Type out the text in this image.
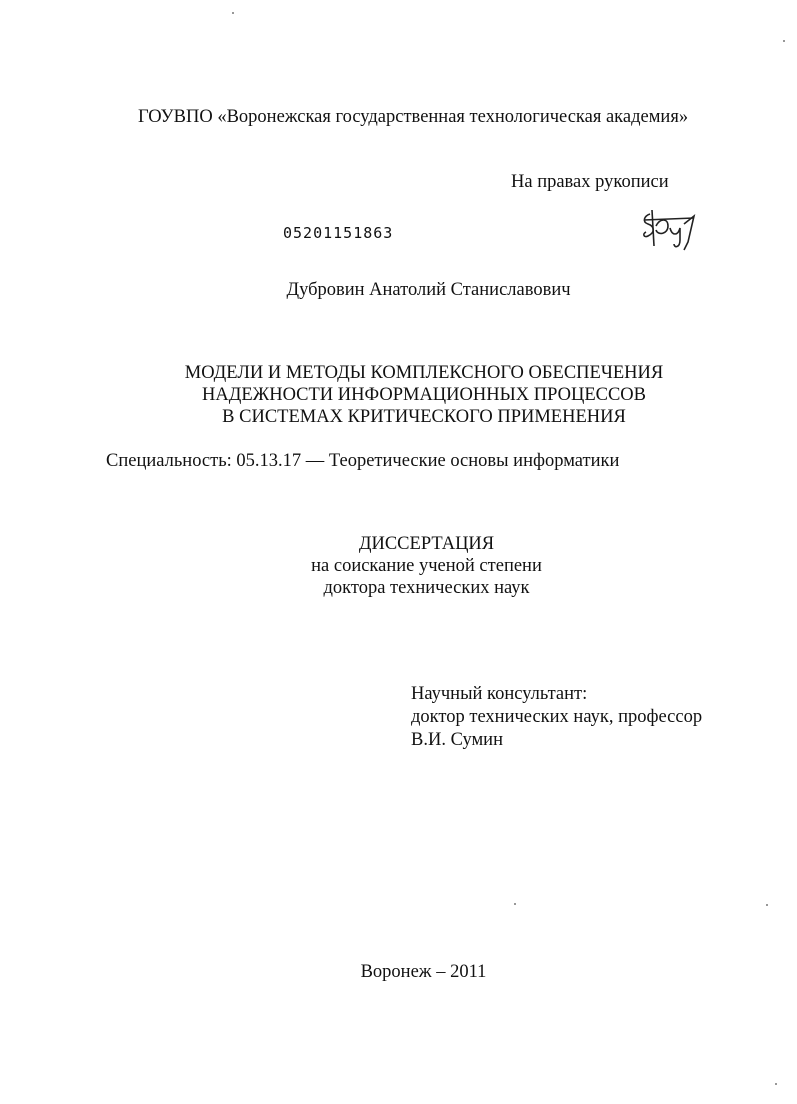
ГОУВПО «Воронежская государственная технологическая академия»
На правах рукописи
05201151863
Дубровин Анатолий Станиславович
МОДЕЛИ И МЕТОДЫ КОМПЛЕКСНОГО ОБЕСПЕЧЕНИЯ
НАДЕЖНОСТИ ИНФОРМАЦИОННЫХ ПРОЦЕССОВ
В СИСТЕМАХ КРИТИЧЕСКОГО ПРИМЕНЕНИЯ
Специальность: 05.13.17 — Теоретические основы информатики
ДИССЕРТАЦИЯ
на соискание ученой степени
доктора технических наук
Научный консультант:
доктор технических наук, профессор
В.И. Сумин
Воронеж – 2011
